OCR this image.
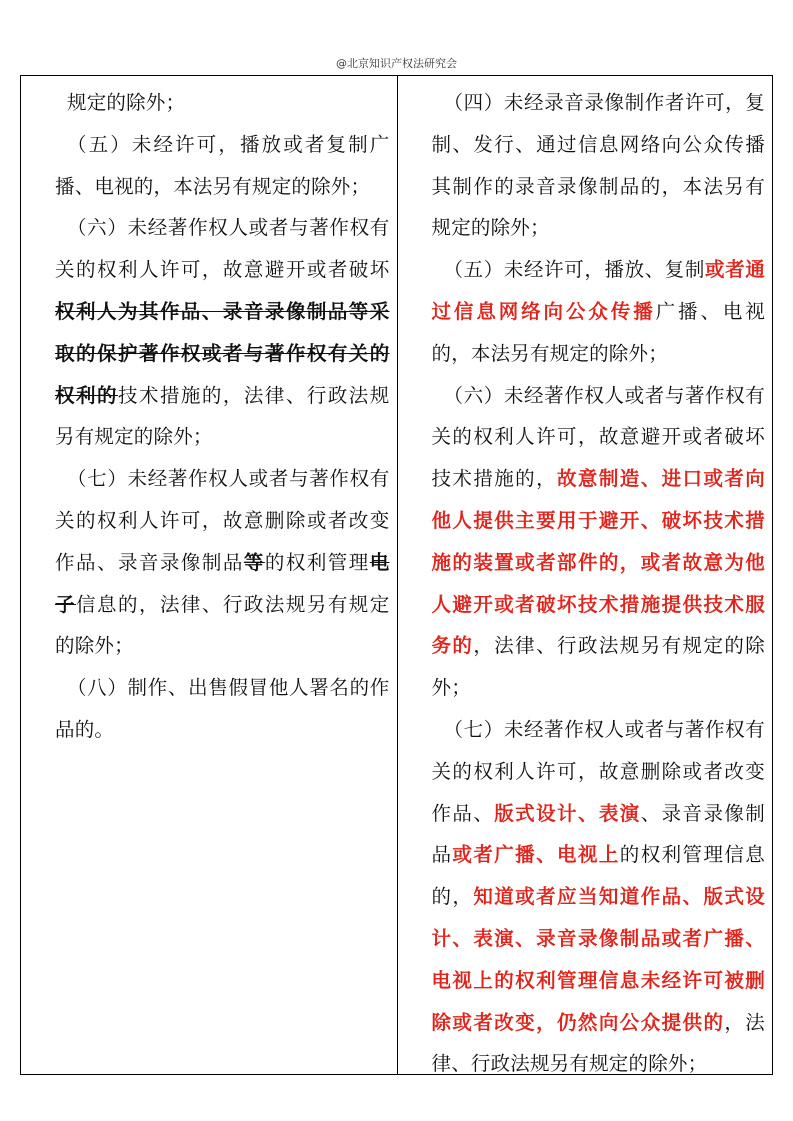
@北京知识产权法研究会

规定的除外；

（五）未经许可，播放或者复制广播、电视的，本法另有规定的除外；

（六）未经著作权人或者与著作权有关的权利人许可，故意避开或者破坏权利人为其作品、录音录像制品等采取的保护著作权或者与著作权有关的权利的技术措施的，法律、行政法规另有规定的除外；

（七）未经著作权人或者与著作权有关的权利人许可，故意删除或者改变作品、录音录像制品等的权利管理电子信息的，法律、行政法规另有规定的除外；

（八）制作、出售假冒他人署名的作品的。

（四）未经录音录像制作者许可，复制、发行、通过信息网络向公众传播其制作的录音录像制品的，本法另有规定的除外；

（五）未经许可，播放、复制或者通过信息网络向公众传播广播、电视的，本法另有规定的除外；

（六）未经著作权人或者与著作权有关的权利人许可，故意避开或者破坏技术措施的，故意制造、进口或者向他人提供主要用于避开、破坏技术措施的装置或者部件的，或者故意为他人避开或者破坏技术措施提供技术服务的，法律、行政法规另有规定的除外；

（七）未经著作权人或者与著作权有关的权利人许可，故意删除或者改变作品、版式设计、表演、录音录像制品或者广播、电视上的权利管理信息的，知道或者应当知道作品、版式设计、表演、录音录像制品或者广播、电视上的权利管理信息未经许可被删除或者改变，仍然向公众提供的，法律、行政法规另有规定的除外；
